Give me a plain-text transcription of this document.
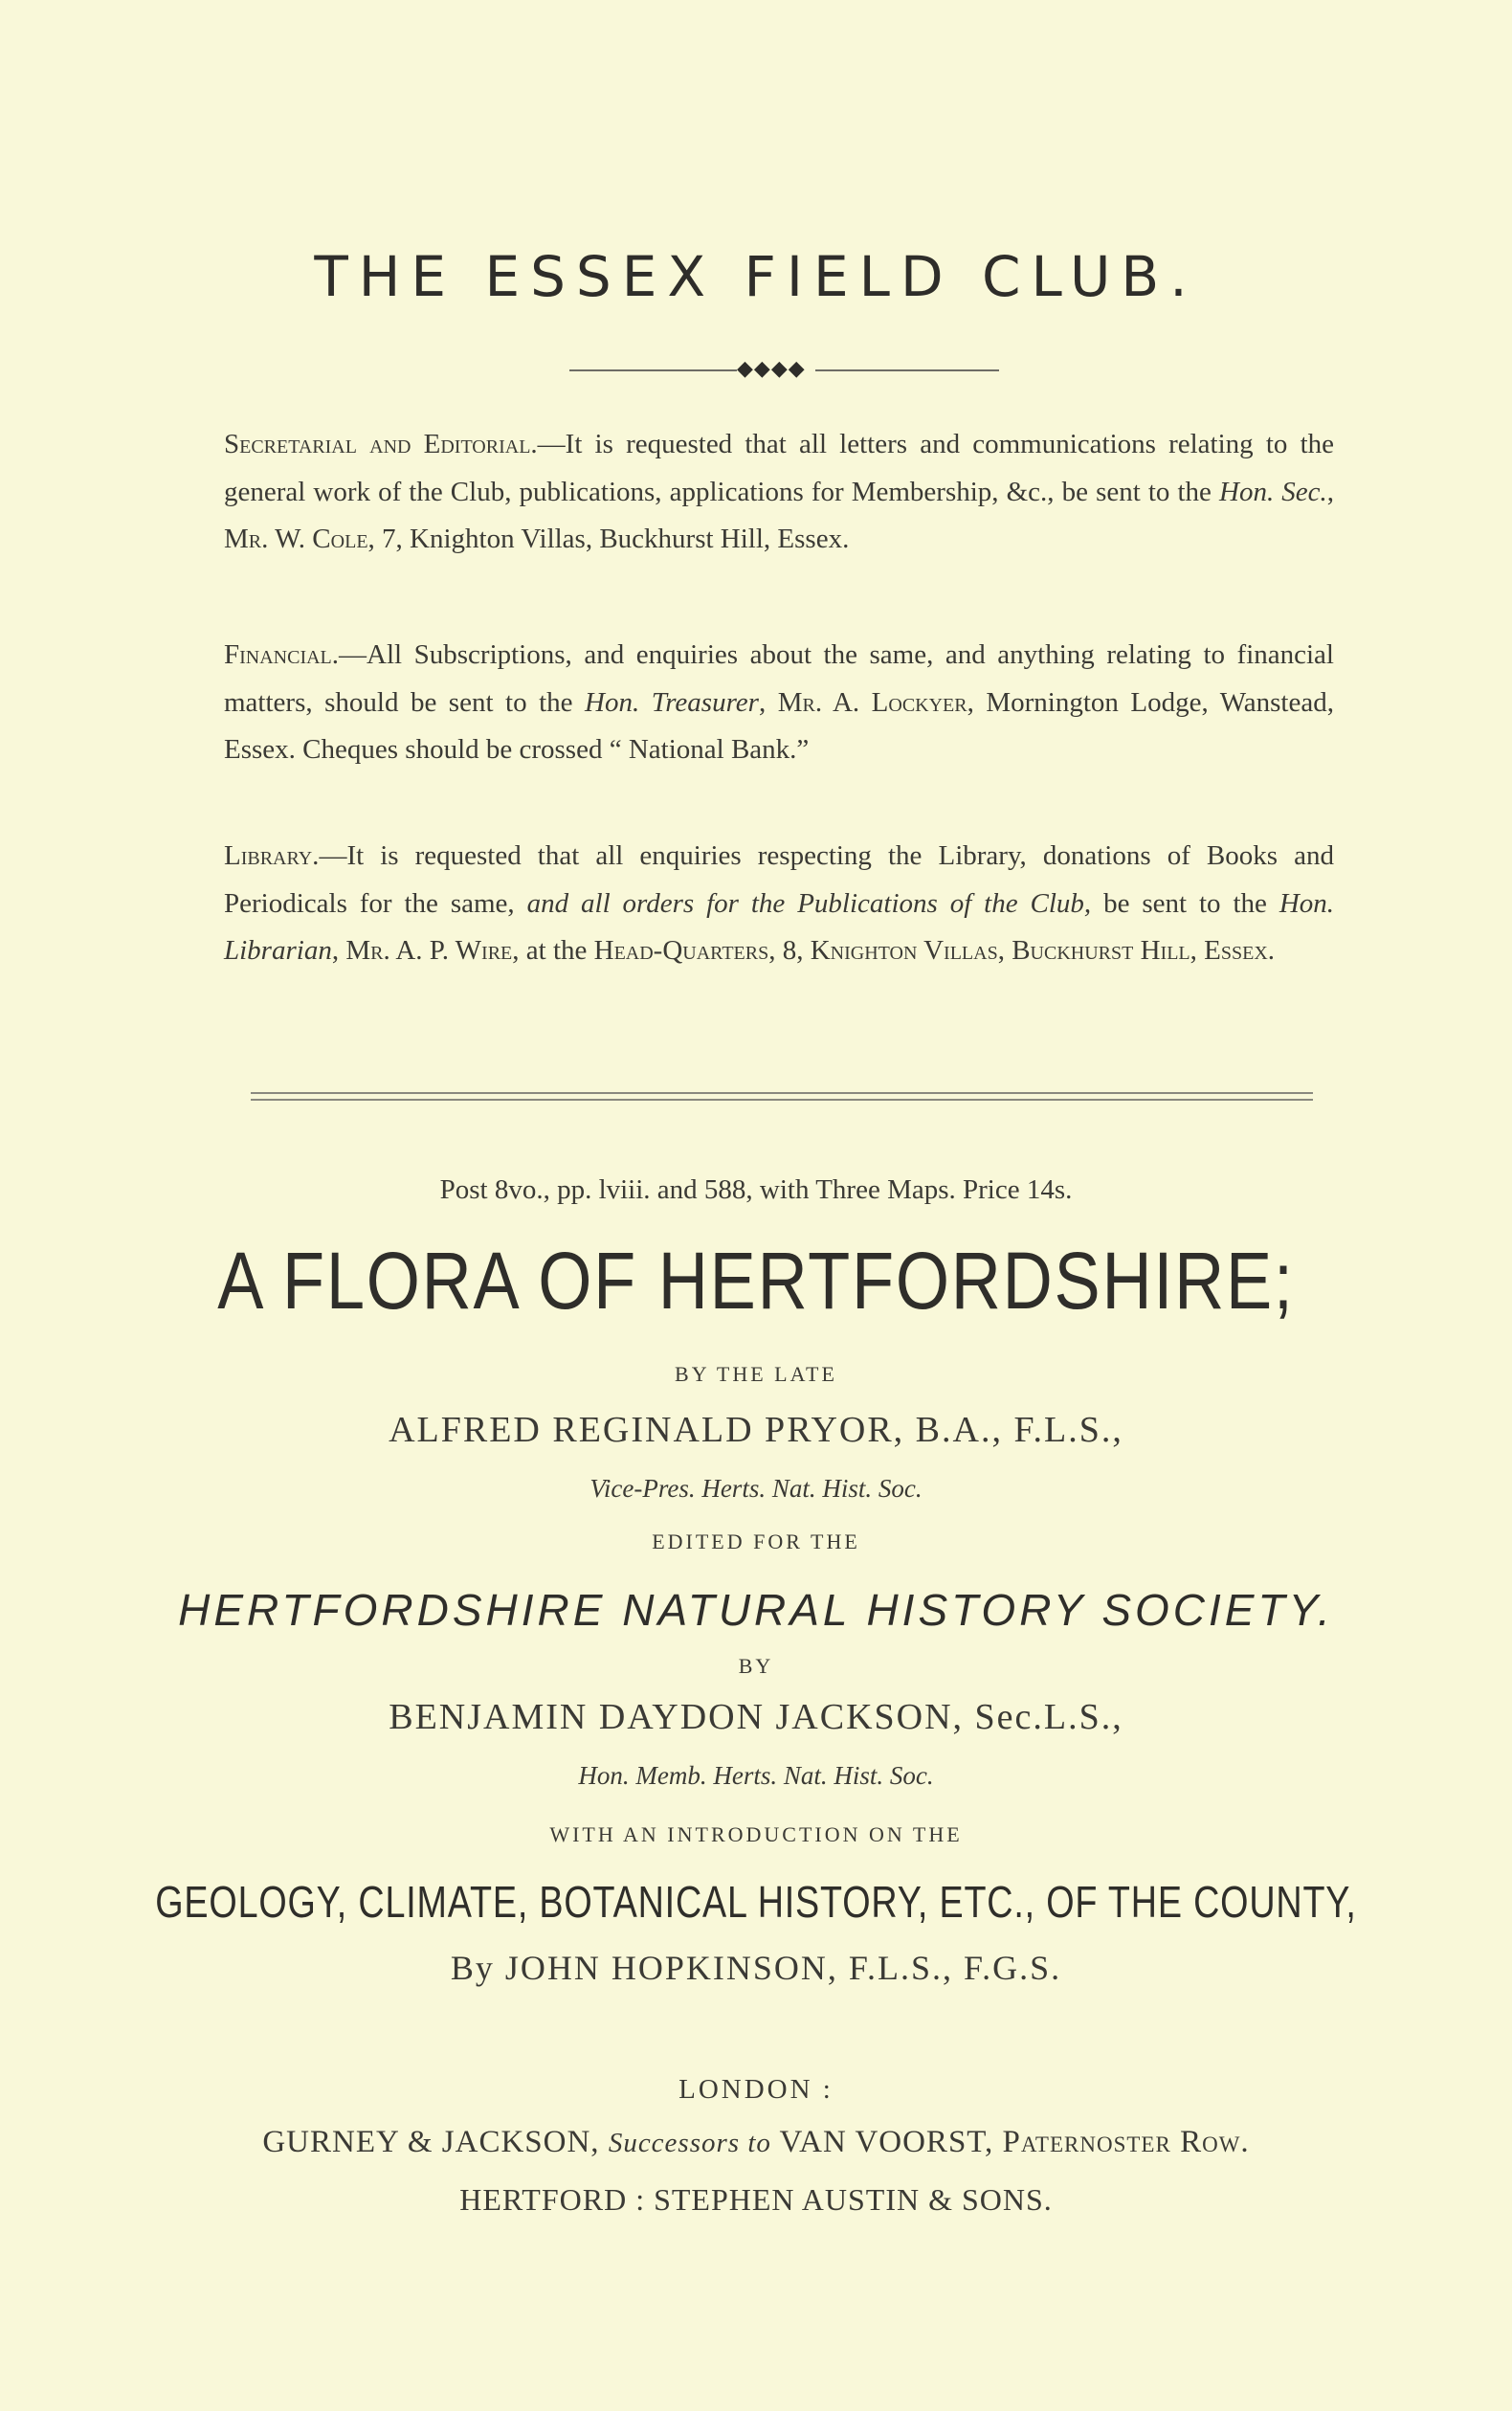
THE ESSEX FIELD CLUB.
◆◆◆◆

Secretarial and Editorial.—It is requested that all letters and communications relating to the general work of the Club, publications, applications for Membership, &c., be sent to the Hon. Sec., Mr. W. Cole, 7, Knighton Villas, Buckhurst Hill, Essex.

Financial.—All Subscriptions, and enquiries about the same, and anything relating to financial matters, should be sent to the Hon. Treasurer, Mr. A. Lockyer, Mornington Lodge, Wanstead, Essex. Cheques should be crossed “ National Bank.”

Library.—It is requested that all enquiries respecting the Library, donations of Books and Periodicals for the same, and all orders for the Publications of the Club, be sent to the Hon. Librarian, Mr. A. P. Wire, at the Head-Quarters, 8, Knighton Villas, Buckhurst Hill, Essex.

Post 8vo., pp. lviii. and 588, with Three Maps. Price 14s.
A FLORA OF HERTFORDSHIRE;
BY THE LATE
ALFRED REGINALD PRYOR, B.A., F.L.S.,
Vice-Pres. Herts. Nat. Hist. Soc.
EDITED FOR THE
HERTFORDSHIRE NATURAL HISTORY SOCIETY.
BY
BENJAMIN DAYDON JACKSON, Sec.L.S.,
Hon. Memb. Herts. Nat. Hist. Soc.
WITH AN INTRODUCTION ON THE
GEOLOGY, CLIMATE, BOTANICAL HISTORY, ETC., OF THE COUNTY,
By JOHN HOPKINSON, F.L.S., F.G.S.
LONDON :
GURNEY & JACKSON, Successors to VAN VOORST, Paternoster Row.
HERTFORD : STEPHEN AUSTIN & SONS.
